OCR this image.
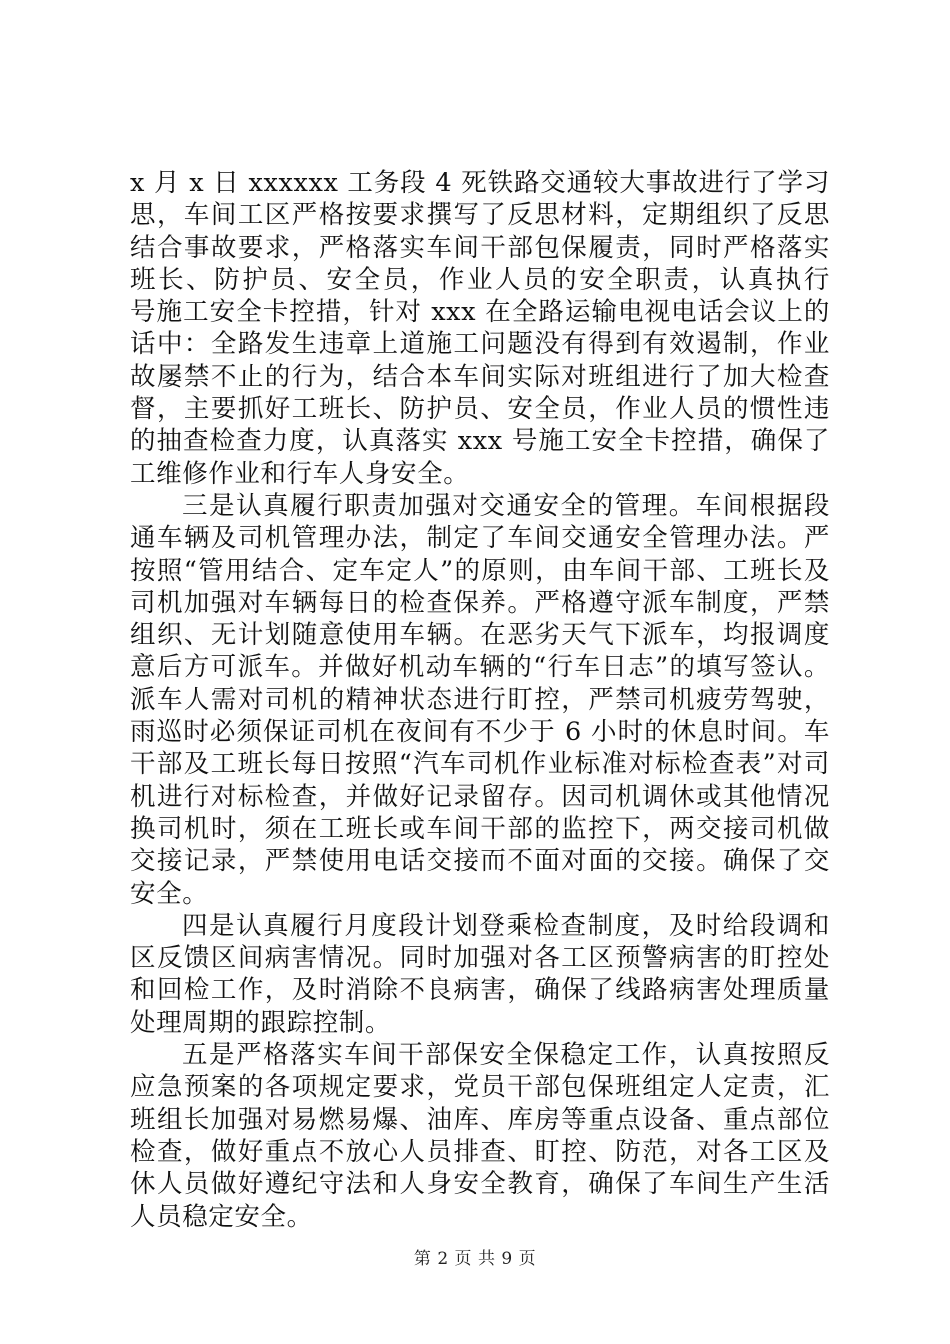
x 月 x 日 xxxxxx 工务段 4 死铁路交通较大事故进行了学习
思，车间工区严格按要求撰写了反思材料，定期组织了反思
结合事故要求，严格落实车间干部包保履责，同时严格落实
班长、防护员、安全员，作业人员的安全职责，认真执行
号施工安全卡控措，针对 xxx 在全路运输电视电话会议上的
话中：全路发生违章上道施工问题没有得到有效遏制，作业
故屡禁不止的行为，结合本车间实际对班组进行了加大检查
督，主要抓好工班长、防护员、安全员，作业人员的惯性违
的抽查检查力度，认真落实 xxx 号施工安全卡控措，确保了
工维修作业和行车人身安全。
三是认真履行职责加强对交通安全的管理。车间根据段
通车辆及司机管理办法，制定了车间交通安全管理办法。严
按照“管用结合、定车定人”的原则，由车间干部、工班长及
司机加强对车辆每日的检查保养。严格遵守派车制度，严禁
组织、无计划随意使用车辆。在恶劣天气下派车，均报调度
意后方可派车。并做好机动车辆的“行车日志”的填写签认。
派车人需对司机的精神状态进行盯控，严禁司机疲劳驾驶，
雨巡时必须保证司机在夜间有不少于 6 小时的休息时间。车
干部及工班长每日按照“汽车司机作业标准对标检查表”对司
机进行对标检查，并做好记录留存。因司机调休或其他情况
换司机时，须在工班长或车间干部的监控下，两交接司机做
交接记录，严禁使用电话交接而不面对面的交接。确保了交
安全。
四是认真履行月度段计划登乘检查制度，及时给段调和
区反馈区间病害情况。同时加强对各工区预警病害的盯控处
和回检工作，及时消除不良病害，确保了线路病害处理质量
处理周期的跟踪控制。
五是严格落实车间干部保安全保稳定工作，认真按照反
应急预案的各项规定要求，党员干部包保班组定人定责，汇
班组长加强对易燃易爆、油库、库房等重点设备、重点部位
检查，做好重点不放心人员排查、盯控、防范，对各工区及
休人员做好遵纪守法和人身安全教育，确保了车间生产生活
人员稳定安全。
第 2 页 共 9 页
